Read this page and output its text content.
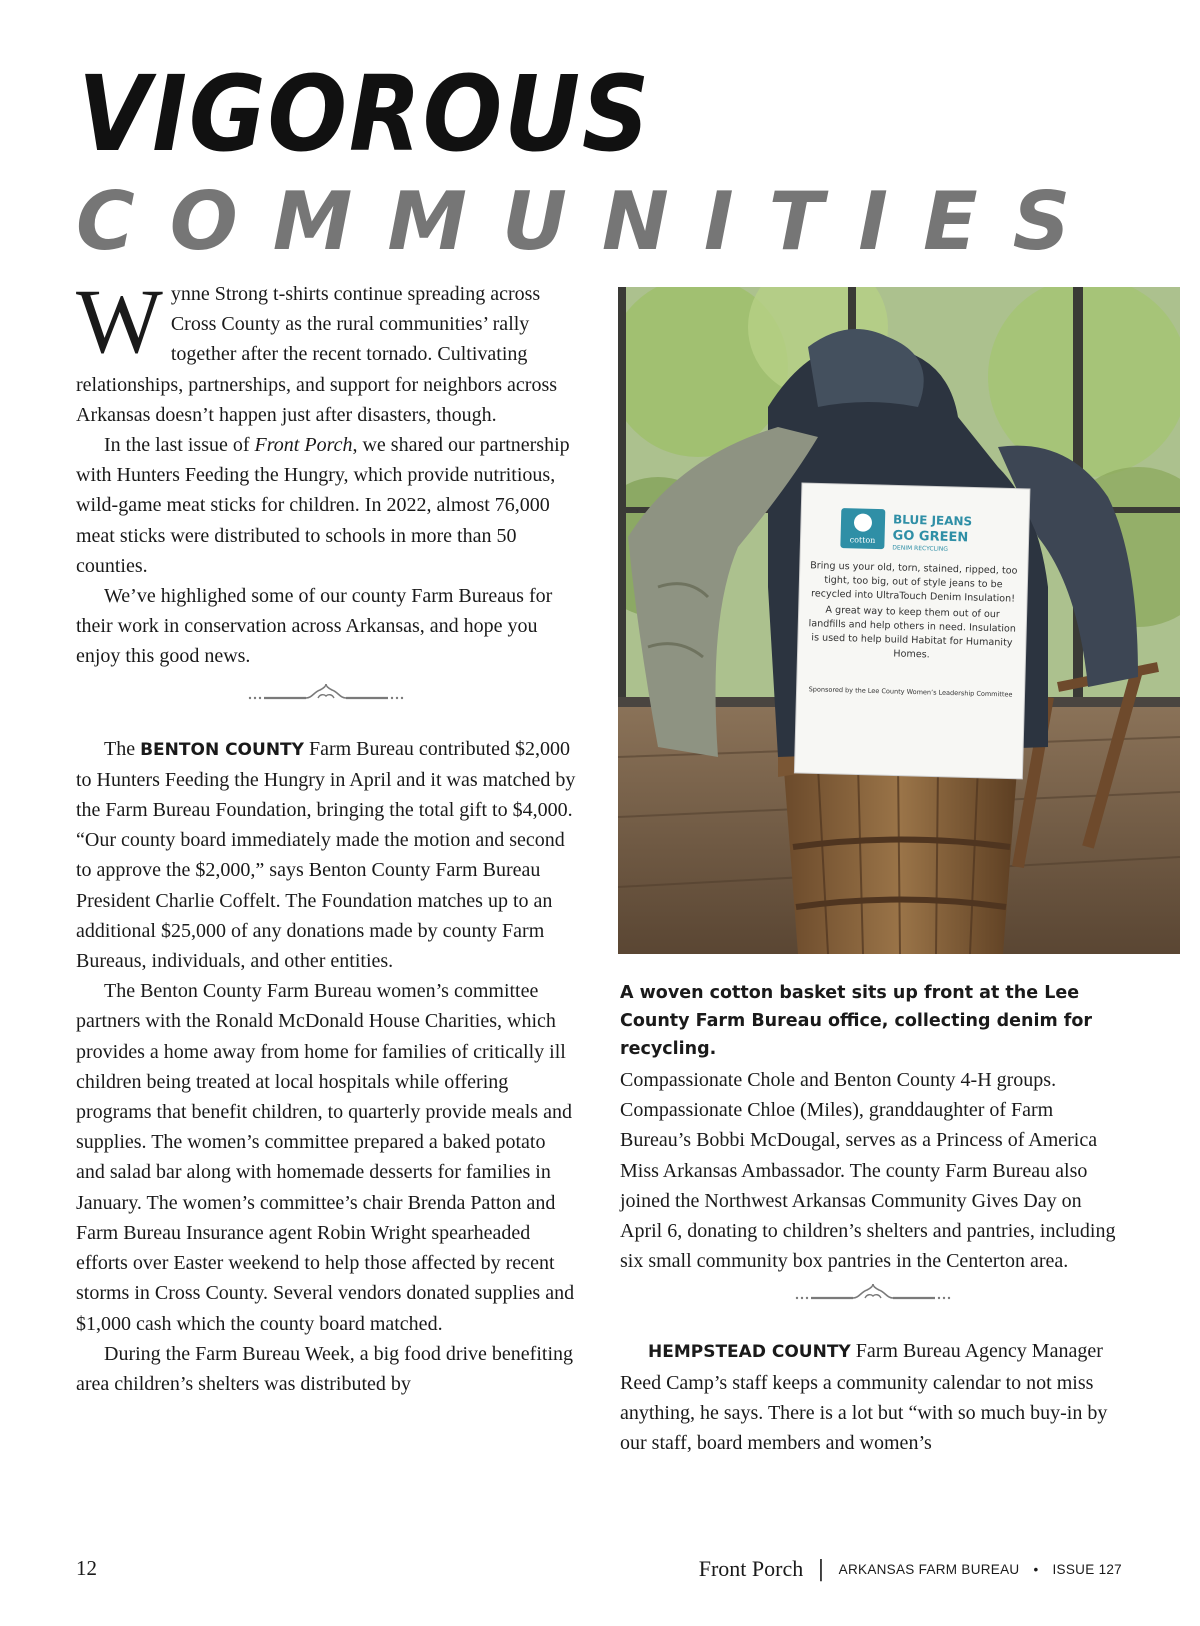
VIGOROUS
COMMUNITIES

Wynne Strong t-shirts continue spreading across Cross County as the rural communities’ rally together after the recent tornado. Cultivating relationships, partnerships, and support for neighbors across Arkansas doesn’t happen just after disasters, though.

In the last issue of Front Porch, we shared our partnership with Hunters Feeding the Hungry, which provide nutritious, wild-game meat sticks for children. In 2022, almost 76,000 meat sticks were distributed to schools in more than 50 counties.

We’ve highlighed some of our county Farm Bureaus for their work in conservation across Arkansas, and hope you enjoy this good news.

The BENTON COUNTY Farm Bureau contributed $2,000 to Hunters Feeding the Hungry in April and it was matched by the Farm Bureau Foundation, bringing the total gift to $4,000. “Our county board immediately made the motion and second to approve the $2,000,” says Benton County Farm Bureau President Charlie Coffelt. The Foundation matches up to an additional $25,000 of any donations made by county Farm Bureaus, individuals, and other entities.

The Benton County Farm Bureau women’s committee partners with the Ronald McDonald House Charities, which provides a home away from home for families of critically ill children being treated at local hospitals while offering programs that benefit children, to quarterly provide meals and supplies. The women’s committee prepared a baked potato and salad bar along with homemade desserts for families in January. The women’s committee’s chair Brenda Patton and Farm Bureau Insurance agent Robin Wright spearheaded efforts over Easter weekend to help those affected by recent storms in Cross County. Several vendors donated supplies and $1,000 cash which the county board matched.

During the Farm Bureau Week, a big food drive benefiting area children’s shelters was distributed by

cotton
BLUE JEANS
GO GREEN
DENIM RECYCLING
Bring us your old, torn, stained, ripped, too tight, too big, out of style jeans to be recycled into UltraTouch Denim Insulation!
A great way to keep them out of our landfills and help others in need. Insulation is used to help build Habitat for Humanity Homes.
Sponsored by the Lee County Women’s Leadership Committee
A woven cotton basket sits up front at the Lee County Farm Bureau office, collecting denim for recycling.

Compassionate Chole and Benton County 4-H groups. Compassionate Chloe (Miles), granddaughter of Farm Bureau’s Bobbi McDougal, serves as a Princess of America Miss Arkansas Ambassador. The county Farm Bureau also joined the Northwest Arkansas Community Gives Day on April 6, donating to children’s shelters and pantries, including six small community box pantries in the Centerton area.

HEMPSTEAD COUNTY Farm Bureau Agency Manager Reed Camp’s staff keeps a community calendar to not miss anything, he says. There is a lot but “with so much buy-in by our staff, board members and women’s

12	Front Porch | ARKANSAS FARM BUREAU • ISSUE 127
